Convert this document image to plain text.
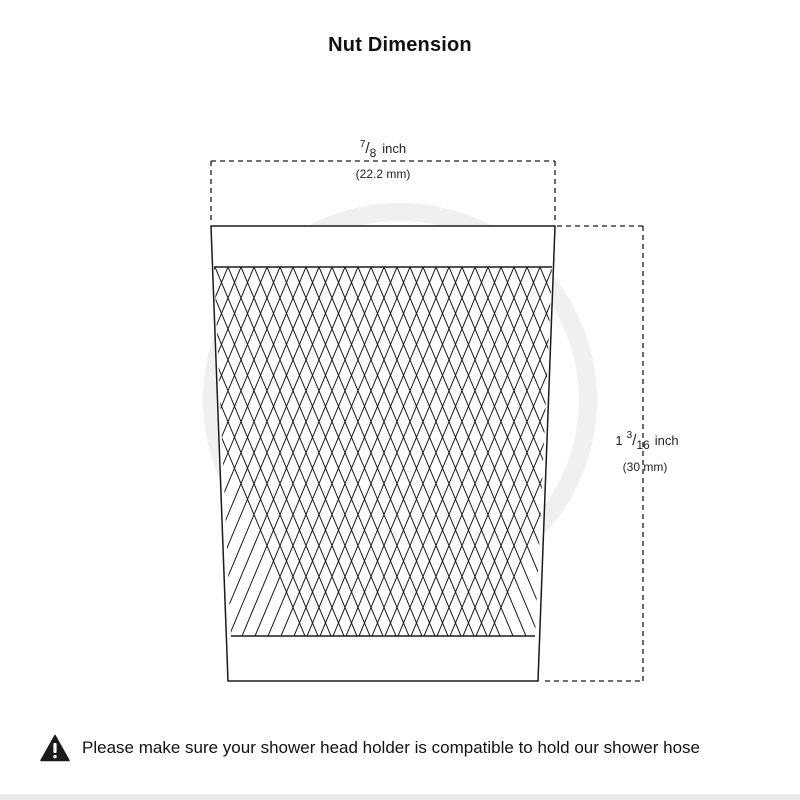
Nut Dimension
$^7$/8 inch
(22.2 mm)
1 $^3$/16 inch
(30 mm)
Please make sure your shower head holder is compatible to hold our shower hose
